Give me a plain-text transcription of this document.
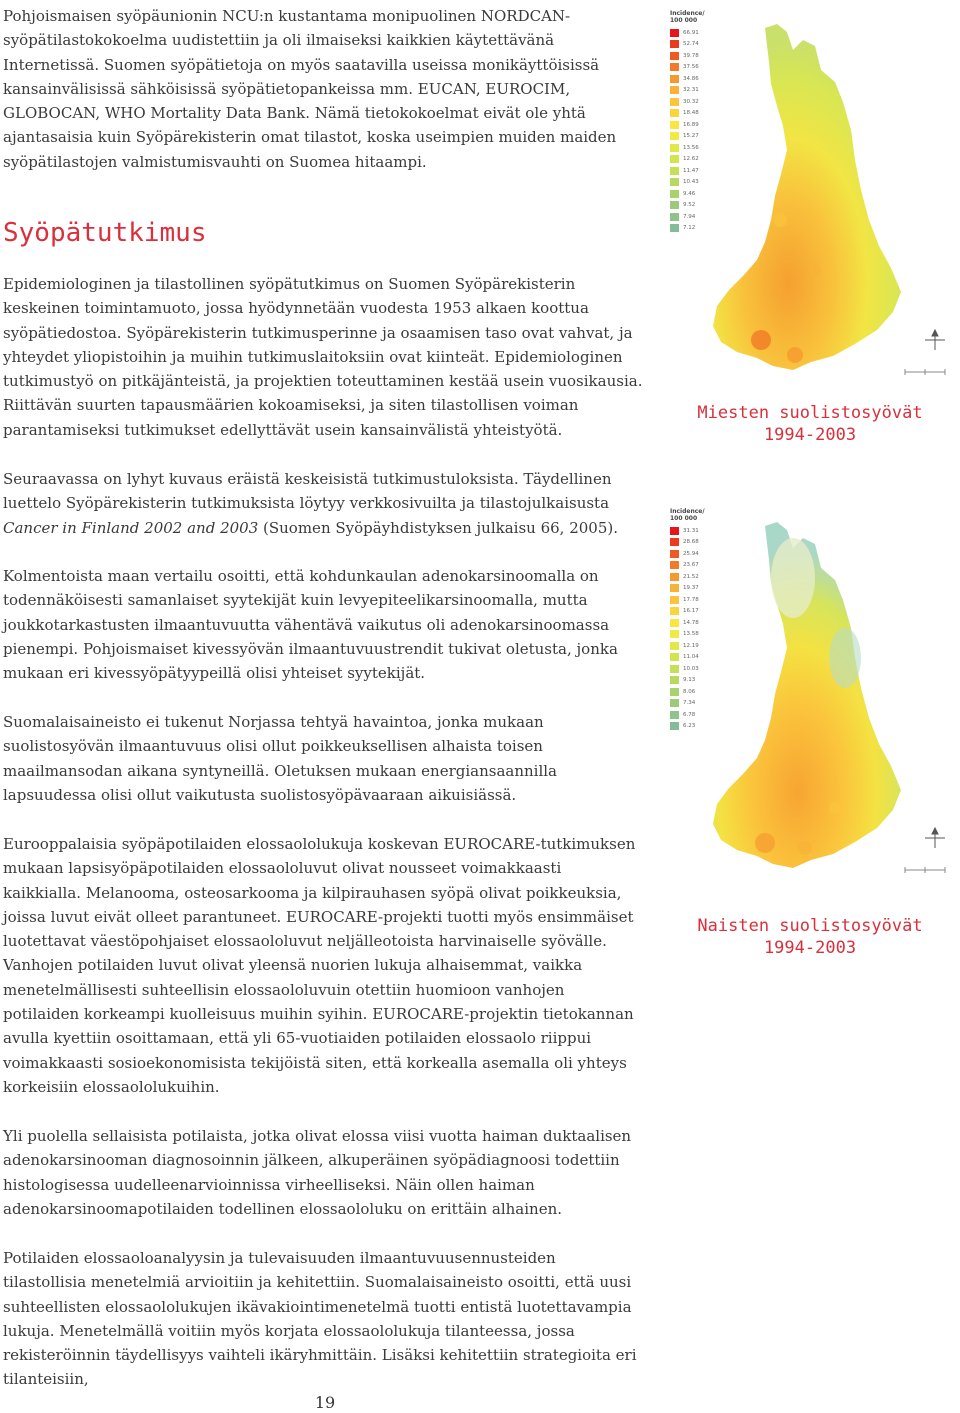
Pohjoismaisen syöpäunionin NCU:n kustantama monipuolinen NORDCAN-syöpätilastokokoelma uudistettiin ja oli ilmaiseksi kaikkien käytettävänä Internetissä. Suomen syöpätietoja on myös saatavilla useissa monikäyttöisissä kansainvälisissä sähköisissä syöpätietopankeissa mm. EUCAN, EUROCIM, GLOBOCAN, WHO Mortality Data Bank. Nämä tietokokoelmat eivät ole yhtä ajantasaisia kuin Syöpärekisterin omat tilastot, koska useimpien muiden maiden syöpätilastojen valmistumisvauhti on Suomea hitaampi.

Syöpätutkimus

Epidemiologinen ja tilastollinen syöpätutkimus on Suomen Syöpärekisterin keskeinen toimintamuoto, jossa hyödynnetään vuodesta 1953 alkaen koottua syöpätiedostoa. Syöpärekisterin tutkimusperinne ja osaamisen taso ovat vahvat, ja yhteydet yliopistoihin ja muihin tutkimuslaitoksiin ovat kiinteät. Epidemiologinen tutkimustyö on pitkäjänteistä, ja projektien toteuttaminen kestää usein vuosikausia. Riittävän suurten tapausmäärien kokoamiseksi, ja siten tilastollisen voiman parantamiseksi tutkimukset edellyttävät usein kansainvälistä yhteistyötä.

Seuraavassa on lyhyt kuvaus eräistä keskeisistä tutkimustuloksista. Täydellinen luettelo Syöpärekisterin tutkimuksista löytyy verkkosivuilta ja tilastojulkaisusta Cancer in Finland 2002 and 2003 (Suomen Syöpäyhdistyksen julkaisu 66, 2005).

Kolmentoista maan vertailu osoitti, että kohdunkaulan adenokarsinoomalla on todennäköisesti samanlaiset syytekijät kuin levyepiteelikarsinoomalla, mutta joukkotarkastusten ilmaantuvuutta vähentävä vaikutus oli adenokarsinoomassa pienempi. Pohjoismaiset kivessyövän ilmaantuvuustrendit tukivat oletusta, jonka mukaan eri kivessyöpätyypeillä olisi yhteiset syytekijät.

Suomalaisaineisto ei tukenut Norjassa tehtyä havaintoa, jonka mukaan suolistosyövän ilmaantuvuus olisi ollut poikkeuksellisen alhaista toisen maailmansodan aikana syntyneillä. Oletuksen mukaan energiansaannilla lapsuudessa olisi ollut vaikutusta suolistosyöpävaaraan aikuisiässä.

Eurooppalaisia syöpäpotilaiden elossaololukuja koskevan EUROCARE-tutkimuksen mukaan lapsisyöpäpotilaiden elossaololuvut olivat nousseet voimakkaasti kaikkialla. Melanooma, osteosarkooma ja kilpirauhasen syöpä olivat poikkeuksia, joissa luvut eivät olleet parantuneet. EUROCARE-projekti tuotti myös ensimmäiset luotettavat väestöpohjaiset elossaololuvut neljälleotoista harvinaiselle syövälle. Vanhojen potilaiden luvut olivat yleensä nuorien lukuja alhaisemmat, vaikka menetelmällisesti suhteellisin elossaololuvuin otettiin huomioon vanhojen potilaiden korkeampi kuolleisuus muihin syihin. EUROCARE-projektin tietokannan avulla kyettiin osoittamaan, että yli 65-vuotiaiden potilaiden elossaolo riippui voimakkaasti sosioekonomisista tekijöistä siten, että korkealla asemalla oli yhteys korkeisiin elossaololukuihin.

Yli puolella sellaisista potilaista, jotka olivat elossa viisi vuotta haiman duktaalisen adenokarsinooman diagnosoinnin jälkeen, alkuperäinen syöpädiagnoosi todettiin histologisessa uudelleenarvioinnissa virheelliseksi. Näin ollen haiman adenokarsinoomapotilaiden todellinen elossaololuku on erittäin alhainen.

Potilaiden elossaoloanalyysin ja tulevaisuuden ilmaantuvuusennusteiden tilastollisia menetelmiä arvioitiin ja kehitettiin. Suomalaisaineisto osoitti, että uusi suhteellisten elossaololukujen ikävakiointimenetelmä tuotti entistä luotettavampia lukuja. Menetelmällä voitiin myös korjata elossaololukuja tilanteessa, jossa rekisteröinnin täydellisyys vaihteli ikäryhmittäin. Lisäksi kehitettiin strategioita eri tilanteisiin,

Incidence/ 100 000
66.91
52.74
39.78
37.56
34.86
32.31
30.32
18.48
16.89
15.27
13.56
12.62
11.47
10.43
9.46
9.52
7.94
7.12
Miesten suolistosyövät
1994-2003
Incidence/ 100 000
31.31
28.68
25.94
23.67
21.52
19.37
17.78
16.17
14.78
13.58
12.19
11.04
10.03
9.13
8.06
7.34
6.78
6.23
Naisten suolistosyövät
1994-2003
19
